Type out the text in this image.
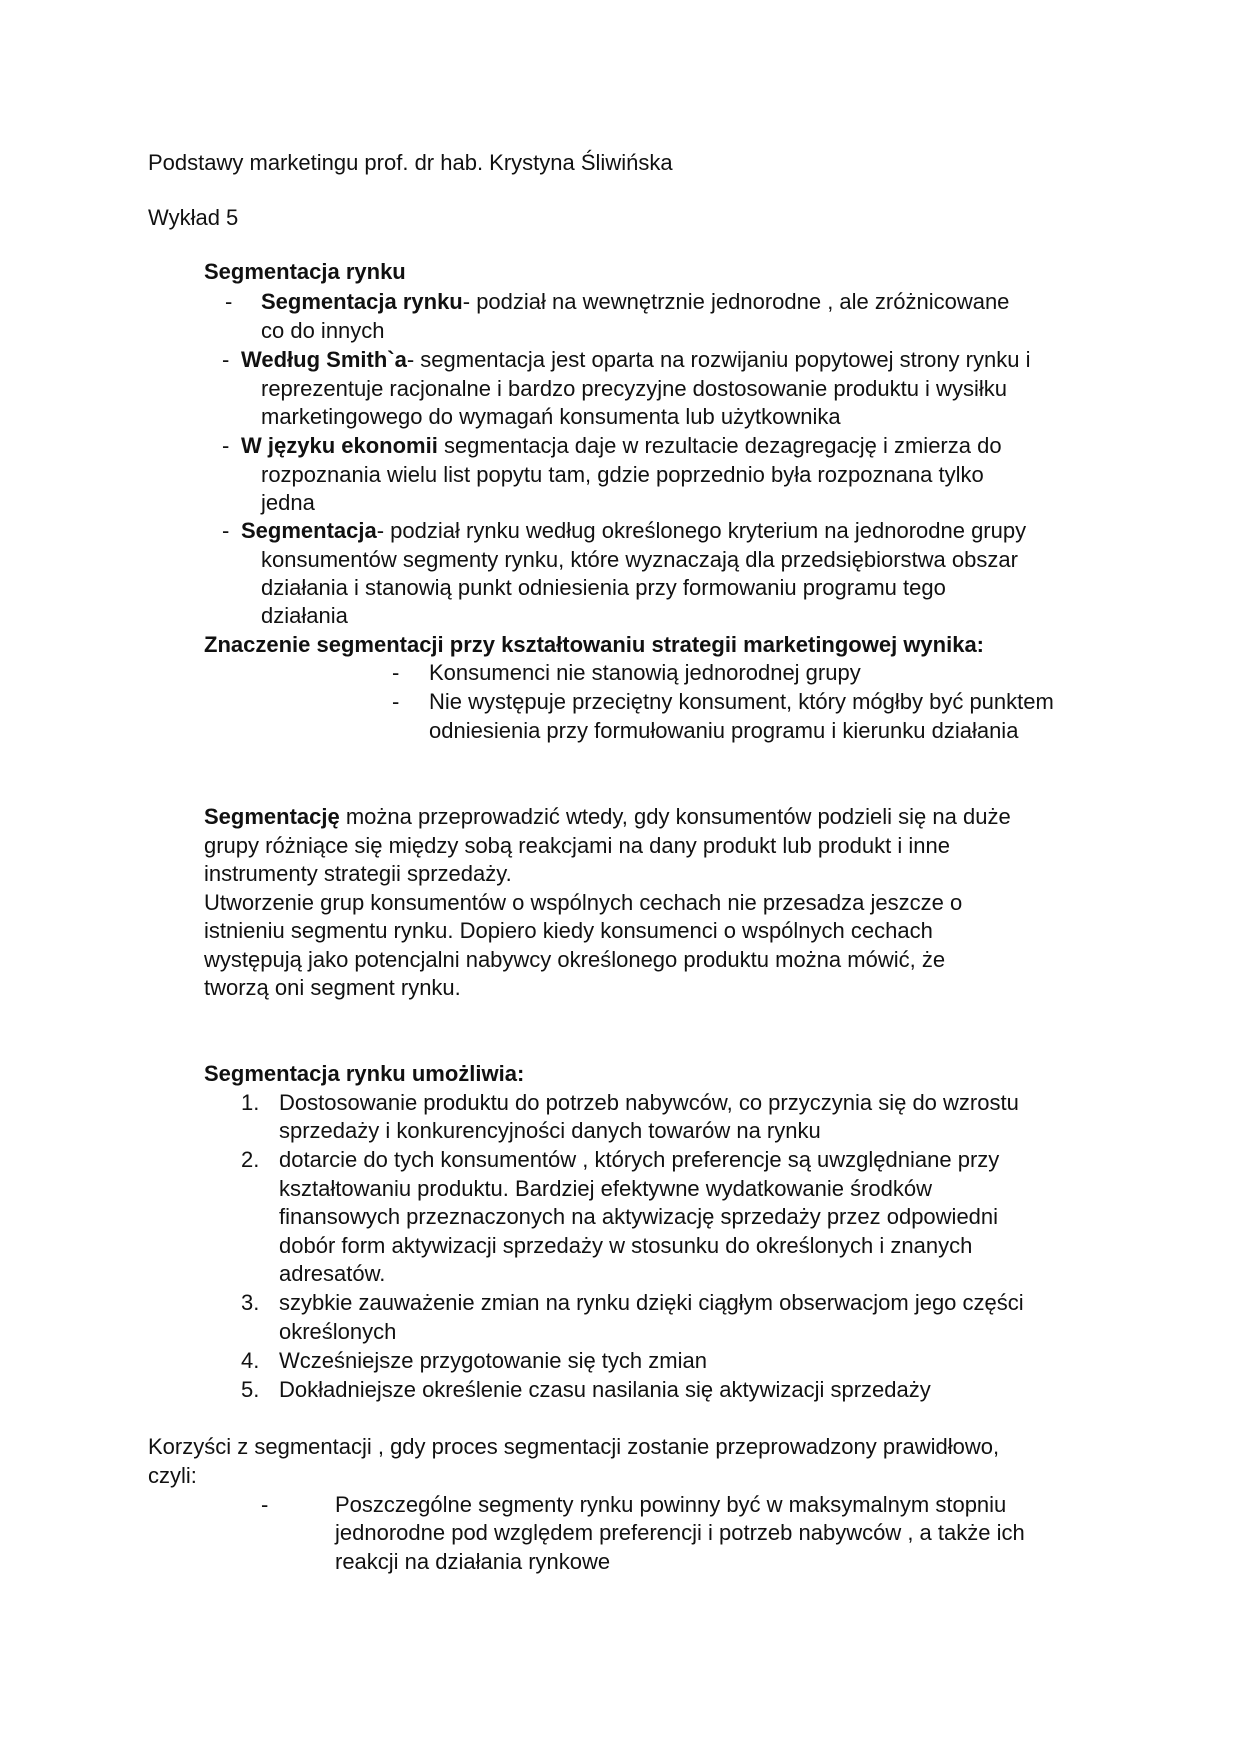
Podstawy marketingu prof. dr hab. Krystyna Śliwińska
Wykład 5
Segmentacja rynku
- Segmentacja rynku- podział na wewnętrznie jednorodne , ale zróżnicowane
co do innych
- Według Smith`a- segmentacja jest oparta na rozwijaniu popytowej strony rynku i
reprezentuje racjonalne i bardzo precyzyjne dostosowanie produktu i wysiłku
marketingowego do wymagań konsumenta lub użytkownika
- W języku ekonomii segmentacja daje w rezultacie dezagregację i zmierza do
rozpoznania wielu list popytu tam, gdzie poprzednio była rozpoznana tylko
jedna
- Segmentacja- podział rynku według określonego kryterium na jednorodne grupy
konsumentów segmenty rynku, które wyznaczają dla przedsiębiorstwa obszar
działania i stanowią punkt odniesienia przy formowaniu programu tego
działania
Znaczenie segmentacji przy kształtowaniu strategii marketingowej wynika:
- Konsumenci nie stanowią jednorodnej grupy
- Nie występuje przeciętny konsument, który mógłby być punktem
odniesienia przy formułowaniu programu i kierunku działania
Segmentację można przeprowadzić wtedy, gdy konsumentów podzieli się na duże
grupy różniące się między sobą reakcjami na dany produkt lub produkt i inne
instrumenty strategii sprzedaży.
Utworzenie grup konsumentów o wspólnych cechach nie przesadza jeszcze o
istnieniu segmentu rynku. Dopiero kiedy konsumenci o wspólnych cechach
występują jako potencjalni nabywcy określonego produktu można mówić, że
tworzą oni segment rynku.
Segmentacja rynku umożliwia:
1. Dostosowanie produktu do potrzeb nabywców, co przyczynia się do wzrostu
sprzedaży i konkurencyjności danych towarów na rynku
2. dotarcie do tych konsumentów , których preferencje są uwzględniane przy
kształtowaniu produktu. Bardziej efektywne wydatkowanie środków
finansowych przeznaczonych na aktywizację sprzedaży przez odpowiedni
dobór form aktywizacji sprzedaży w stosunku do określonych i znanych
adresatów.
3. szybkie zauważenie zmian na rynku dzięki ciągłym obserwacjom jego części
określonych
4. Wcześniejsze przygotowanie się tych zmian
5. Dokładniejsze określenie czasu nasilania się aktywizacji sprzedaży
Korzyści z segmentacji , gdy proces segmentacji zostanie przeprowadzony prawidłowo,
czyli:
-	Poszczególne segmenty rynku powinny być w maksymalnym stopniu
jednorodne pod względem preferencji i potrzeb nabywców , a także ich
reakcji na działania rynkowe
